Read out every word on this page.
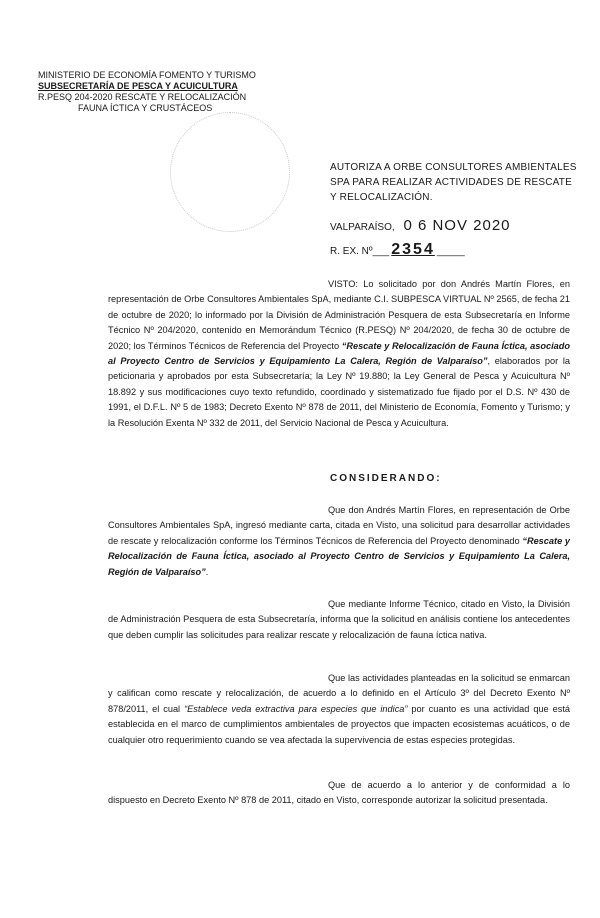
MINISTERIO DE ECONOMÍA FOMENTO Y TURISMO
SUBSECRETARÍA DE PESCA Y ACUICULTURA
R.PESQ 204-2020 RESCATE Y RELOCALIZACIÓN
FAUNA ÍCTICA Y CRUSTÁCEOS
AUTORIZA A ORBE CONSULTORES AMBIENTALES SPA PARA REALIZAR ACTIVIDADES DE RESCATE Y RELOCALIZACIÓN.
VALPARAÍSO, 0 6 NOV 2020
R. EX. Nº___ 2354 _____
VISTO: Lo solicitado por don Andrés Martín Flores, en representación de Orbe Consultores Ambientales SpA, mediante C.I. SUBPESCA VIRTUAL Nº 2565, de fecha 21 de octubre de 2020; lo informado por la División de Administración Pesquera de esta Subsecretaría en Informe Técnico Nº 204/2020, contenido en Memorándum Técnico (R.PESQ) Nº 204/2020, de fecha 30 de octubre de 2020; los Términos Técnicos de Referencia del Proyecto “Rescate y Relocalización de Fauna Íctica, asociado al Proyecto Centro de Servicios y Equipamiento La Calera, Región de Valparaíso”, elaborados por la peticionaria y aprobados por esta Subsecretaría; la Ley Nº 19.880; la Ley General de Pesca y Acuicultura Nº 18.892 y sus modificaciones cuyo texto refundido, coordinado y sistematizado fue fijado por el D.S. Nº 430 de 1991, el D.F.L. Nº 5 de 1983; Decreto Exento Nº 878 de 2011, del Ministerio de Economía, Fomento y Turismo; y la Resolución Exenta Nº 332 de 2011, del Servicio Nacional de Pesca y Acuicultura.
CONSIDERANDO:
Que don Andrés Martín Flores, en representación de Orbe Consultores Ambientales SpA, ingresó mediante carta, citada en Visto, una solicitud para desarrollar actividades de rescate y relocalización conforme los Términos Técnicos de Referencia del Proyecto denominado “Rescate y Relocalización de Fauna Íctica, asociado al Proyecto Centro de Servicios y Equipamiento La Calera, Región de Valparaíso”.
Que mediante Informe Técnico, citado en Visto, la División de Administración Pesquera de esta Subsecretaría, informa que la solicitud en análisis contiene los antecedentes que deben cumplir las solicitudes para realizar rescate y relocalización de fauna íctica nativa.
Que las actividades planteadas en la solicitud se enmarcan y califican como rescate y relocalización, de acuerdo a lo definido en el Artículo 3º del Decreto Exento Nº 878/2011, el cual “Establece veda extractiva para especies que indica” por cuanto es una actividad que está establecida en el marco de cumplimientos ambientales de proyectos que impacten ecosistemas acuáticos, o de cualquier otro requerimiento cuando se vea afectada la supervivencia de estas especies protegidas.
Que de acuerdo a lo anterior y de conformidad a lo dispuesto en Decreto Exento Nº 878 de 2011, citado en Visto, corresponde autorizar la solicitud presentada.
